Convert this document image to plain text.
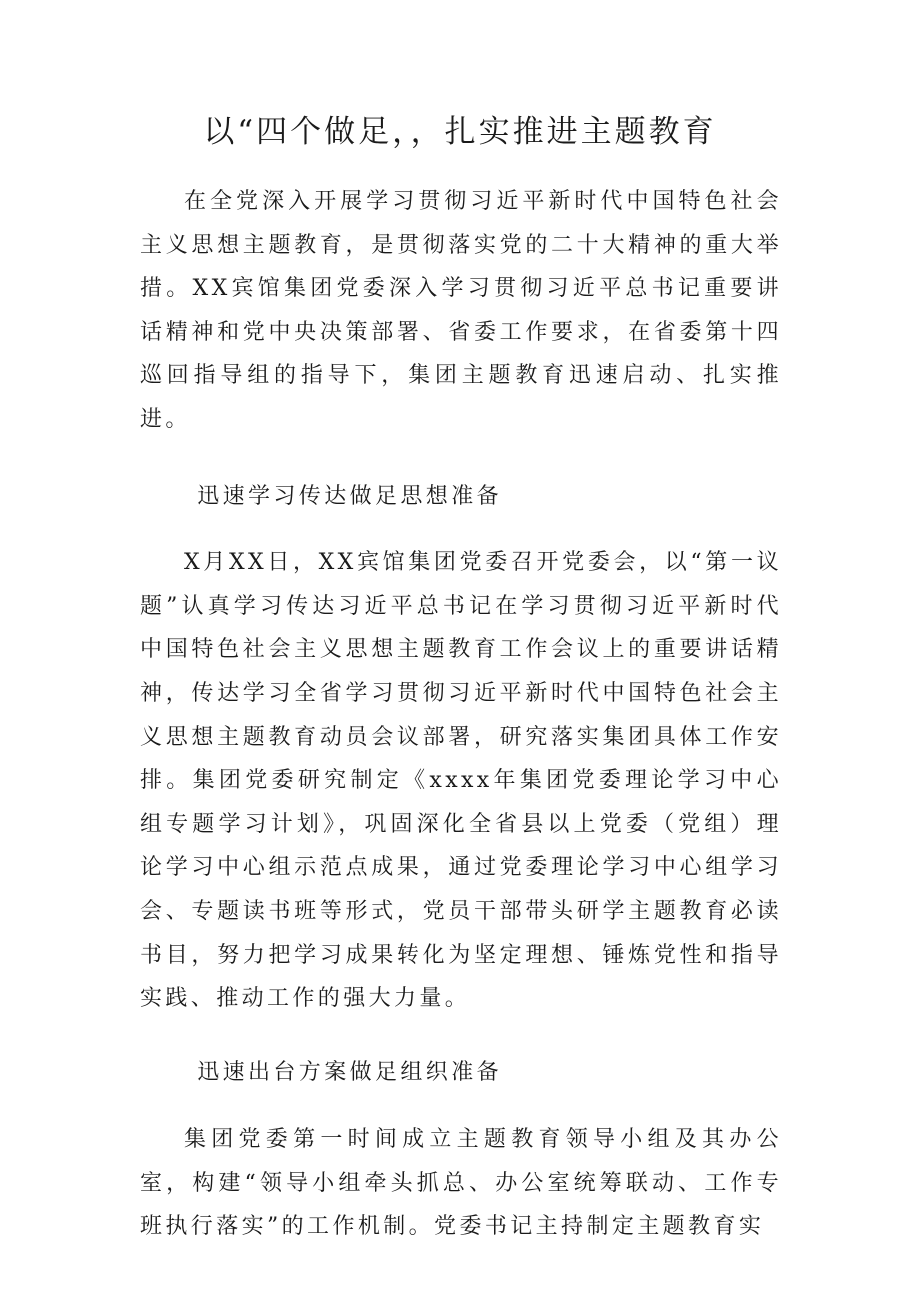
以“四个做足，，扎实推进主题教育

在全党深入开展学习贯彻习近平新时代中国特色社会主义思想主题教育，是贯彻落实党的二十大精神的重大举措。XX宾馆集团党委深入学习贯彻习近平总书记重要讲话精神和党中央决策部署、省委工作要求，在省委第十四巡回指导组的指导下，集团主题教育迅速启动、扎实推进。

迅速学习传达做足思想准备

X月XX日，XX宾馆集团党委召开党委会，以“第一议题”认真学习传达习近平总书记在学习贯彻习近平新时代中国特色社会主义思想主题教育工作会议上的重要讲话精神，传达学习全省学习贯彻习近平新时代中国特色社会主义思想主题教育动员会议部署，研究落实集团具体工作安排。集团党委研究制定《xxxx年集团党委理论学习中心组专题学习计划》，巩固深化全省县以上党委（党组）理论学习中心组示范点成果，通过党委理论学习中心组学习会、专题读书班等形式，党员干部带头研学主题教育必读书目，努力把学习成果转化为坚定理想、锤炼党性和指导实践、推动工作的强大力量。

迅速出台方案做足组织准备

集团党委第一时间成立主题教育领导小组及其办公室，构建“领导小组牵头抓总、办公室统筹联动、工作专班执行落实”的工作机制。党委书记主持制定主题教育实
